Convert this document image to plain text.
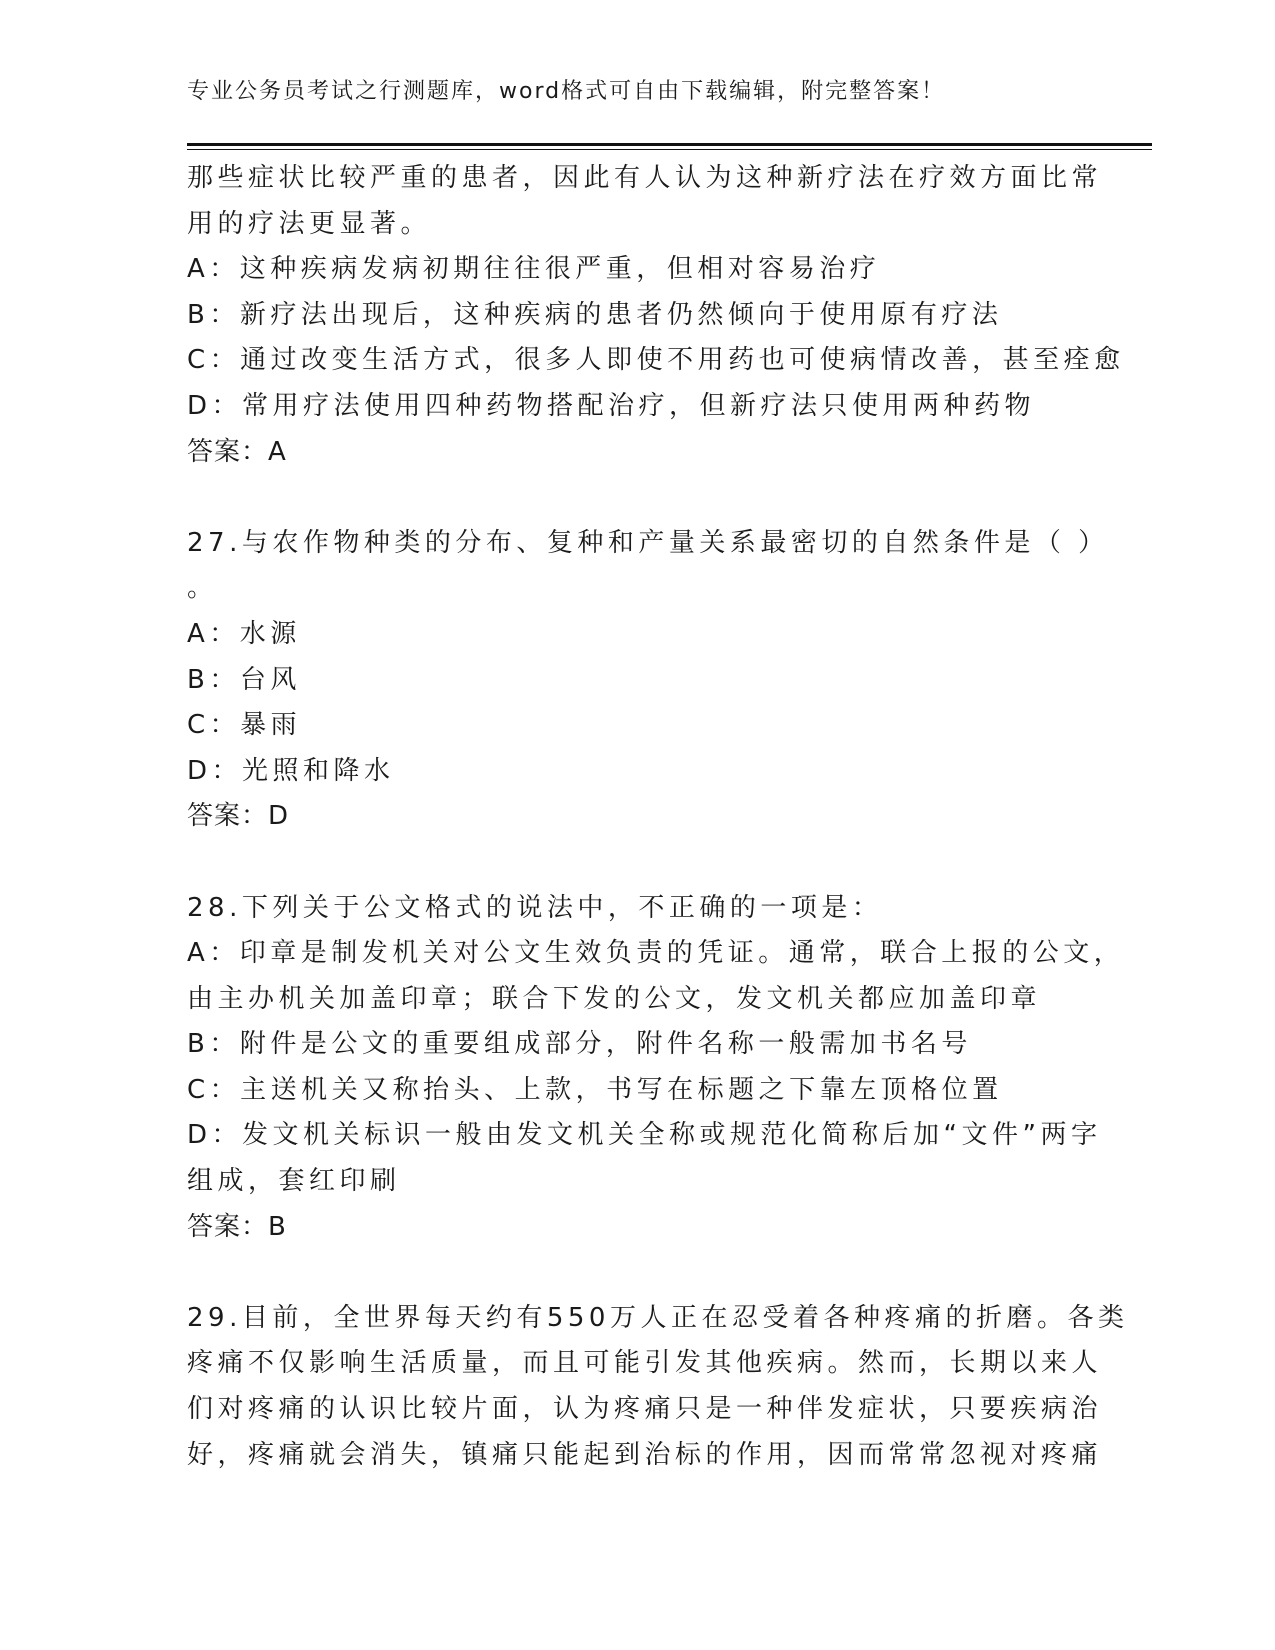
专业公务员考试之行测题库，word格式可自由下载编辑，附完整答案！
那些症状比较严重的患者，因此有人认为这种新疗法在疗效方面比常
用的疗法更显著。
A：这种疾病发病初期往往很严重，但相对容易治疗
B：新疗法出现后，这种疾病的患者仍然倾向于使用原有疗法
C：通过改变生活方式，很多人即使不用药也可使病情改善，甚至痊愈
D：常用疗法使用四种药物搭配治疗，但新疗法只使用两种药物
答案：A
27.与农作物种类的分布、复种和产量关系最密切的自然条件是（ ）
。
A：水源
B：台风
C：暴雨
D：光照和降水
答案：D
28.下列关于公文格式的说法中，不正确的一项是：
A：印章是制发机关对公文生效负责的凭证。通常，联合上报的公文，
由主办机关加盖印章；联合下发的公文，发文机关都应加盖印章
B：附件是公文的重要组成部分，附件名称一般需加书名号
C：主送机关又称抬头、上款，书写在标题之下靠左顶格位置
D：发文机关标识一般由发文机关全称或规范化简称后加“文件”两字
组成，套红印刷
答案：B
29.目前，全世界每天约有550万人正在忍受着各种疼痛的折磨。各类
疼痛不仅影响生活质量，而且可能引发其他疾病。然而，长期以来人
们对疼痛的认识比较片面，认为疼痛只是一种伴发症状，只要疾病治
好，疼痛就会消失，镇痛只能起到治标的作用，因而常常忽视对疼痛
